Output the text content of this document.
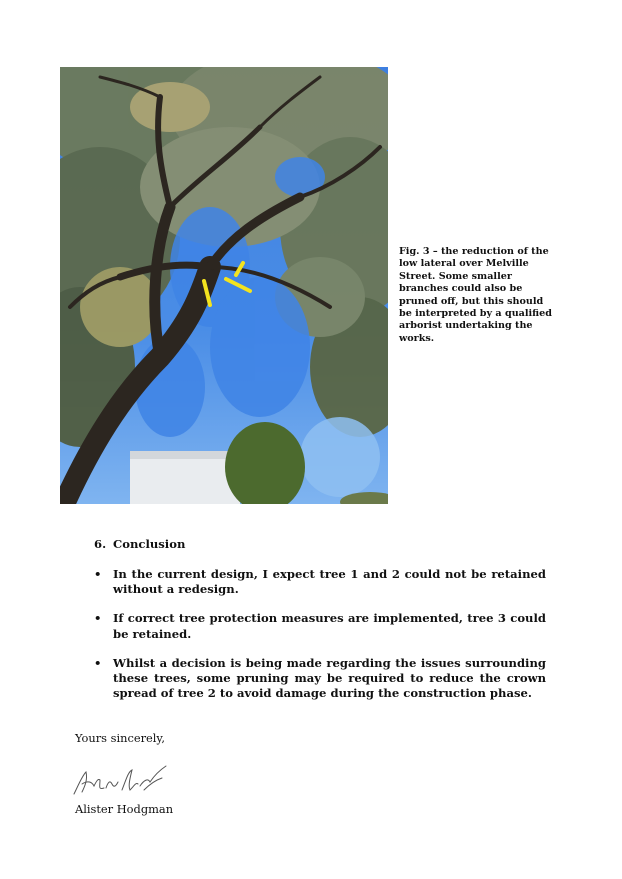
Fig. 3 – the reduction of the low lateral over Melville Street. Some smaller branches could also be pruned off, but this should be interpreted by a qualified arborist undertaking the works.

6. Conclusion
• In the current design, I expect tree 1 and 2 could not be retained without a redesign.
• If correct tree protection measures are implemented, tree 3 could be retained.
• Whilst a decision is being made regarding the issues surrounding these trees, some pruning may be required to reduce the crown spread of tree 2 to avoid damage during the construction phase.

Yours sincerely,

Alister Hodgman
